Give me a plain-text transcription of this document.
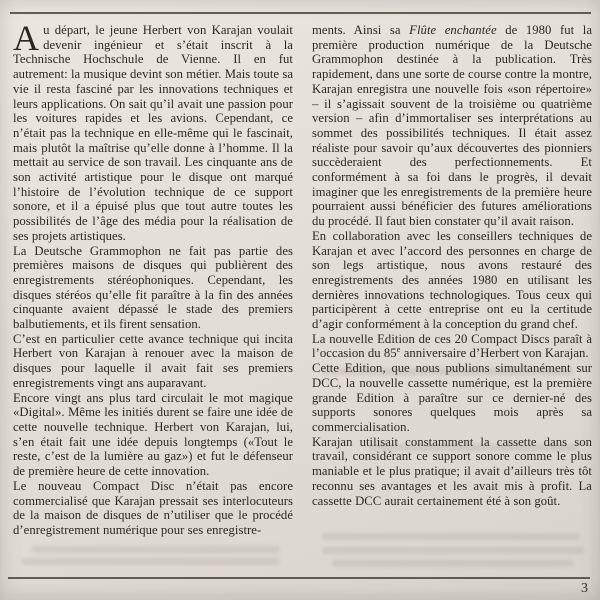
Au départ, le jeune Herbert von Karajan voulait devenir ingénieur et s’était inscrit à la Technische Hochschule de Vienne. Il en fut autrement: la musique devint son métier. Mais toute sa vie il resta fasciné par les innovations techniques et leurs applications. On sait qu’il avait une passion pour les voitures rapides et les avions. Cependant, ce n’était pas la technique en elle-même qui le fascinait, mais plutôt la maîtrise qu’elle donne à l’homme. Il la mettait au service de son travail. Les cinquante ans de son activité artistique pour le disque ont marqué l’histoire de l’évolution technique de ce support sonore, et il a épuisé plus que tout autre toutes les possibilités de l’âge des média pour la réalisation de ses projets artistiques.

La Deutsche Grammophon ne fait pas partie des premières maisons de disques qui publièrent des enregistrements stéréophoniques. Cependant, les disques stéréos qu’elle fit paraître à la fin des années cinquante avaient dépassé le stade des premiers balbutiements, et ils firent sensation.

C’est en particulier cette avance technique qui incita Herbert von Karajan à renouer avec la maison de disques pour laquelle il avait fait ses premiers enregistrements vingt ans auparavant.

Encore vingt ans plus tard circulait le mot magique «Digital». Même les initiés durent se faire une idée de cette nouvelle technique. Herbert von Karajan, lui, s’en était fait une idée depuis longtemps («Tout le reste, c’est de la lumière au gaz») et fut le défenseur de première heure de cette innovation.

Le nouveau Compact Disc n’était pas encore commercialisé que Karajan pressait ses interlocuteurs de la maison de disques de n’utiliser que le procédé d’enregistrement numérique pour ses enregistre-

ments. Ainsi sa Flûte enchantée de 1980 fut la première production numérique de la Deutsche Grammophon destinée à la publication. Très rapidement, dans une sorte de course contre la montre, Karajan enregistra une nouvelle fois «son répertoire» – il s’agissait souvent de la troisième ou quatrième version – afin d’immortaliser ses interprétations au sommet des possibilités techniques. Il était assez réaliste pour savoir qu’aux découvertes des pionniers succèderaient des perfectionnements. Et conformément à sa foi dans le progrès, il devait imaginer que les enregistrements de la première heure pourraient aussi bénéficier des futures améliorations du procédé. Il faut bien constater qu’il avait raison.

En collaboration avec les conseillers techniques de Karajan et avec l’accord des personnes en charge de son legs artistique, nous avons restauré des enregistrements des années 1980 en utilisant les dernières innovations technologiques. Tous ceux qui participèrent à cette entreprise ont eu la certitude d’agir conformément à la conception du grand chef.

La nouvelle Edition de ces 20 Compact Discs paraît à l’occasion du 85e anniversaire d’Herbert von Karajan.

Cette Edition, que nous publions simultanément sur DCC, la nouvelle cassette numérique, est la première grande Edition à paraître sur ce dernier-né des supports sonores quelques mois après sa commercialisation.

Karajan utilisait constamment la cassette dans son travail, considérant ce support sonore comme le plus maniable et le plus pratique; il avait d’ailleurs très tôt reconnu ses avantages et les avait mis à profit. La cassette DCC aurait certainement été à son goût.

3
